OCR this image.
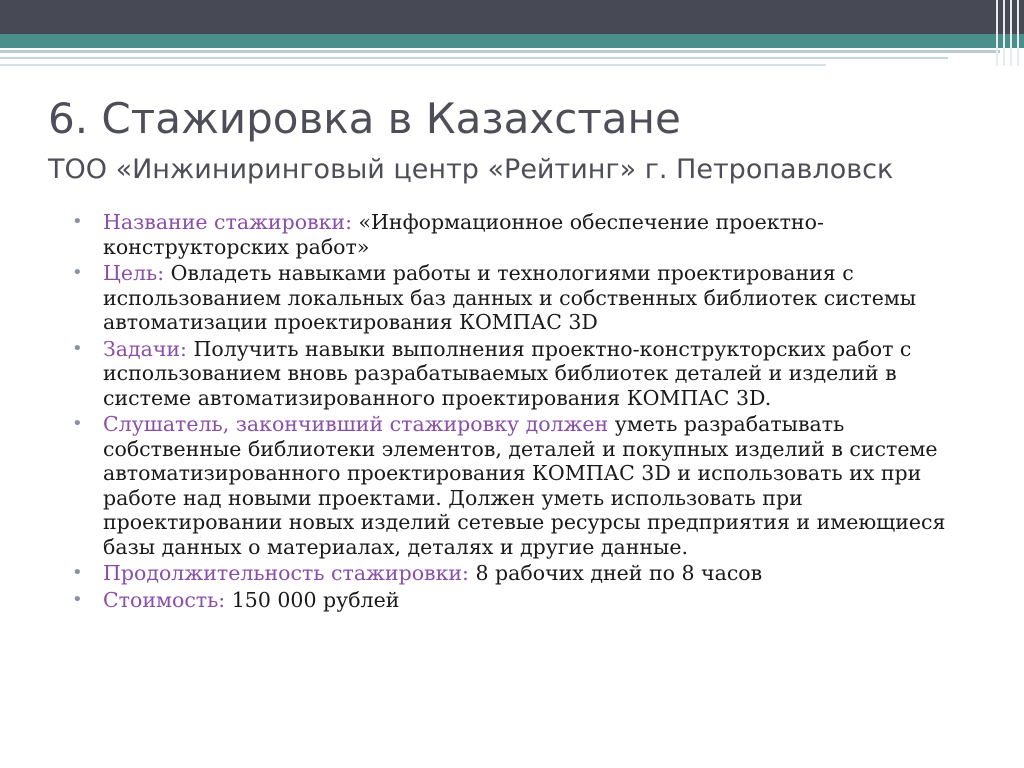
6. Стажировка в Казахстане
ТОО «Инжиниринговый центр «Рейтинг» г. Петропавловск
• Название стажировки: «Информационное обеспечение проектно-конструкторских работ»
• Цель: Овладеть навыками работы и технологиями проектирования с использованием локальных баз данных и собственных библиотек системы автоматизации проектирования КОМПАС 3D
• Задачи: Получить навыки выполнения проектно-конструкторских работ с использованием вновь разрабатываемых библиотек деталей и изделий в системе автоматизированного проектирования КОМПАС 3D.
• Слушатель, закончивший стажировку должен уметь разрабатывать собственные библиотеки элементов, деталей и покупных изделий в системе автоматизированного проектирования КОМПАС 3D и использовать их при работе над новыми проектами. Должен уметь использовать при проектировании новых изделий сетевые ресурсы предприятия и имеющиеся базы данных о материалах, деталях и другие данные.
• Продолжительность стажировки: 8 рабочих дней по 8 часов
• Стоимость: 150 000 рублей
